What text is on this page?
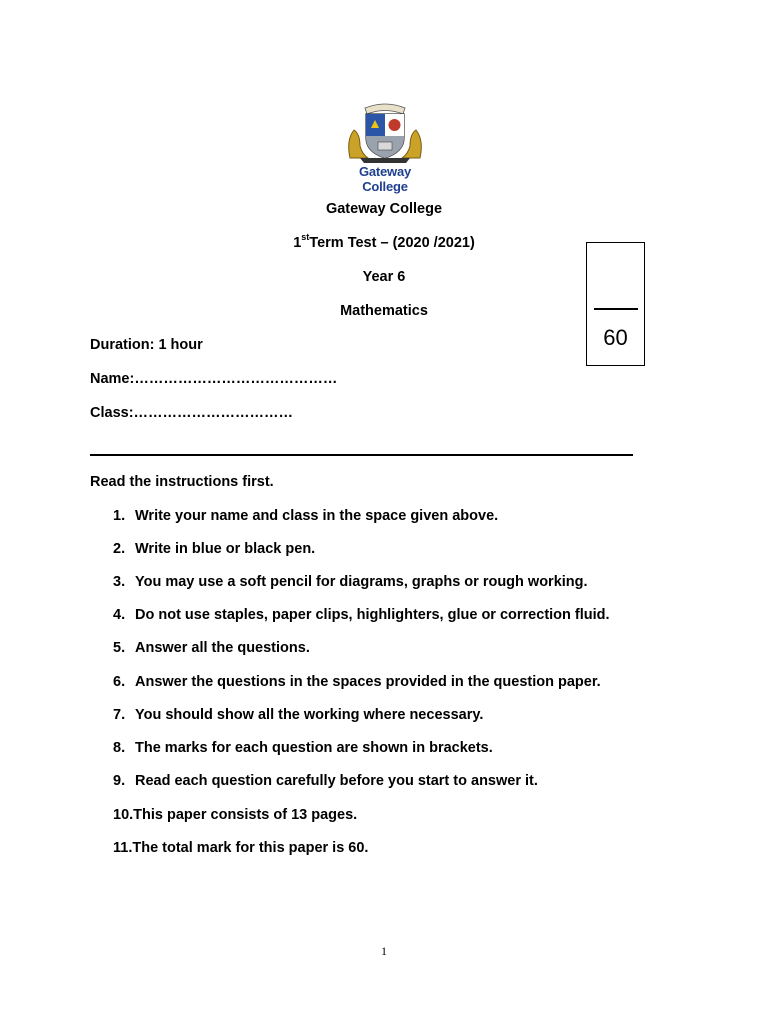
Gateway College
Gateway College
1stTerm Test – (2020 /2021)
Year 6
Mathematics
60
Duration: 1 hour
Name:……………………………………
Class:……………………………
Read the instructions first.
1. Write your name and class in the space given above.
2. Write in blue or black pen.
3. You may use a soft pencil for diagrams, graphs or rough working.
4. Do not use staples, paper clips, highlighters, glue or correction fluid.
5. Answer all the questions.
6. Answer the questions in the spaces provided in the question paper.
7. You should show all the working where necessary.
8. The marks for each question are shown in brackets.
9. Read each question carefully before you start to answer it.
10.This paper consists of 13 pages.
11.The total mark for this paper is 60.
1
